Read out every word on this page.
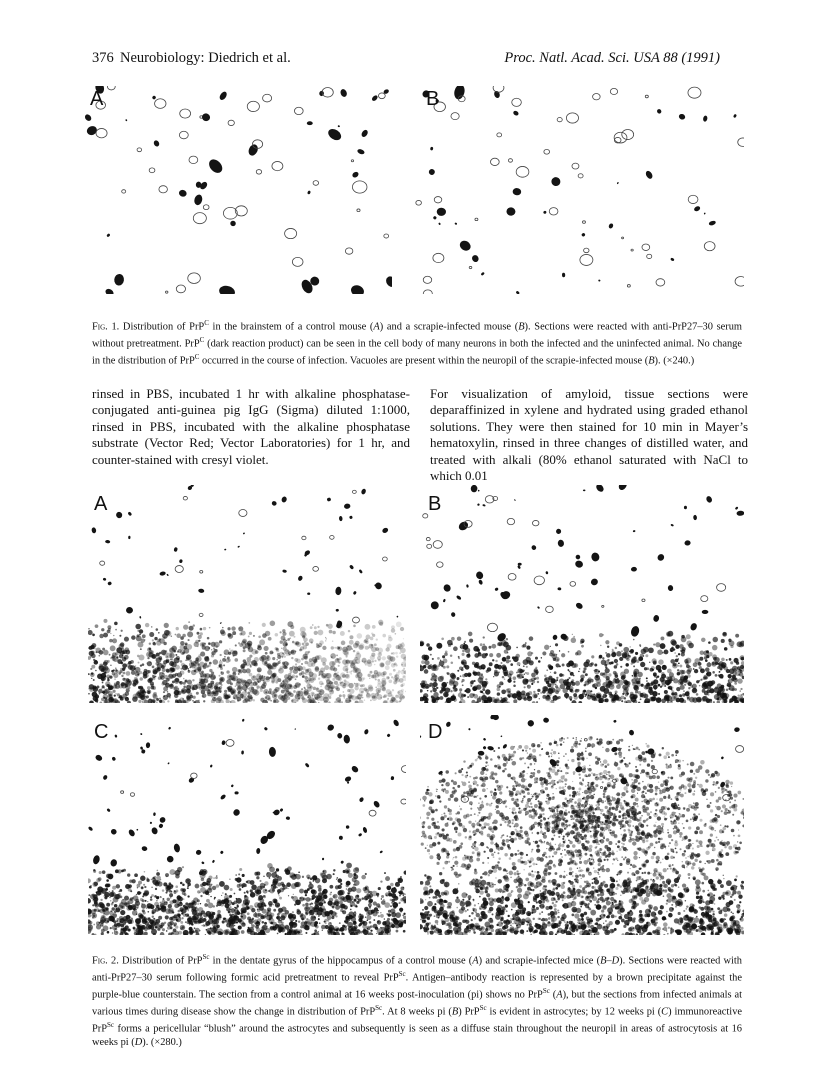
376 Neurobiology: Diedrich et al.	Proc. Natl. Acad. Sci. USA 88 (1991)
A	B
Fig. 1. Distribution of PrP$^C$ in the brainstem of a control mouse (A) and a scrapie-infected mouse (B). Sections were reacted with anti-PrP27–30 serum without pretreatment. PrP$^C$ (dark reaction product) can be seen in the cell body of many neurons in both the infected and the uninfected animal. No change in the distribution of PrP$^C$ occurred in the course of infection. Vacuoles are present within the neuropil of the scrapie-infected mouse (B). (×240.)
rinsed in PBS, incubated 1 hr with alkaline phosphatase-conjugated anti-guinea pig IgG (Sigma) diluted 1:1000, rinsed in PBS, incubated with the alkaline phosphatase substrate (Vector Red; Vector Laboratories) for 1 hr, and counter-stained with cresyl violet.
For visualization of amyloid, tissue sections were deparaffinized in xylene and hydrated using graded ethanol solutions. They were then stained for 10 min in Mayer’s hematoxylin, rinsed in three changes of distilled water, and treated with alkali (80% ethanol saturated with NaCl to which 0.01
A	B
C	D
Fig. 2. Distribution of PrP$^{Sc}$ in the dentate gyrus of the hippocampus of a control mouse (A) and scrapie-infected mice (B–D). Sections were reacted with anti-PrP27–30 serum following formic acid pretreatment to reveal PrP$^{Sc}$. Antigen–antibody reaction is represented by a brown precipitate against the purple-blue counterstain. The section from a control animal at 16 weeks post-inoculation (pi) shows no PrP$^{Sc}$ (A), but the sections from infected animals at various times during disease show the change in distribution of PrP$^{Sc}$. At 8 weeks pi (B) PrP$^{Sc}$ is evident in astrocytes; by 12 weeks pi (C) immunoreactive PrP$^{Sc}$ forms a pericellular “blush” around the astrocytes and subsequently is seen as a diffuse stain throughout the neuropil in areas of astrocytosis at 16 weeks pi (D). (×280.)
